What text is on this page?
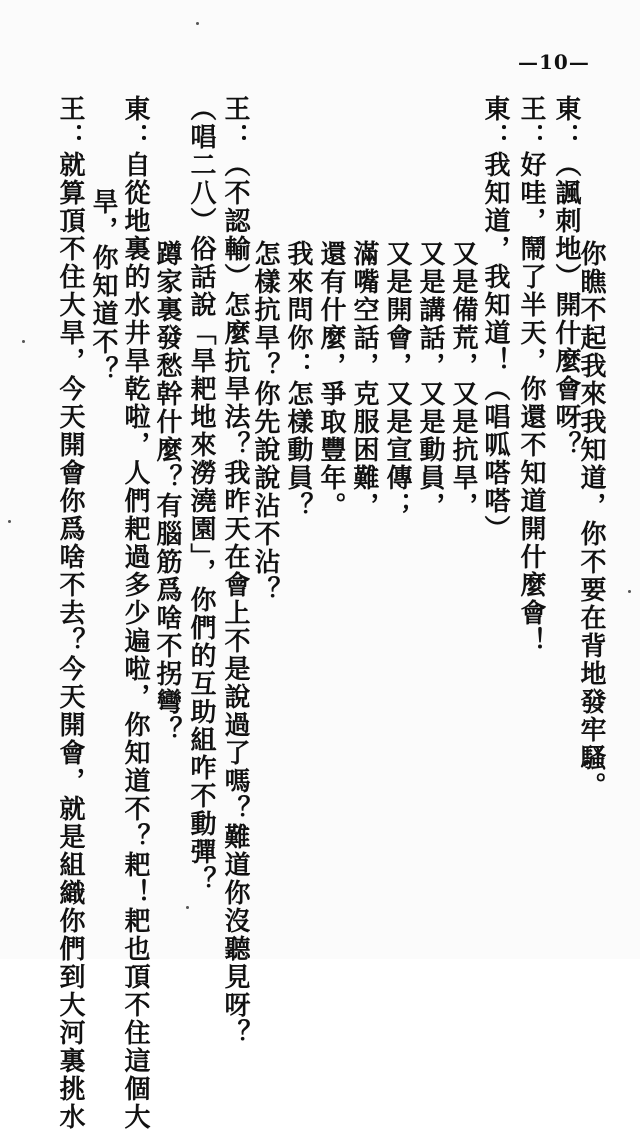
—10—
東：（諷刺地）開什麼會呀？
你瞧不起我來我知道，你不要在背地發牢騷。
王：好哇，鬧了半天，你還不知道開什麼會！
東：我知道，我知道！（唱呱嗒嗒）
又是備荒，又是抗旱，
又是講話，又是動員，
又是開會，又是宣傳；
滿嘴空話，克服困難，
還有什麼，爭取豐年。
我來問你：怎樣動員？
怎樣抗旱？你先說說沾不沾？
王：（不認輸）怎麼抗旱法？我昨天在會上不是說過了嗎？難道你沒聽見呀？
（唱二八）俗話說「旱耙地來澇澆園」，你們的互助組咋不動彈？
蹲家裏發愁幹什麼？有腦筋爲啥不拐彎？
東：自從地裏的水井旱乾啦，人們耙過多少遍啦，你知道不？耙！耙也頂不住這個大
旱，你知道不？
王：就算頂不住大旱，今天開會你爲啥不去？今天開會，就是組織你們到大河裏挑水
